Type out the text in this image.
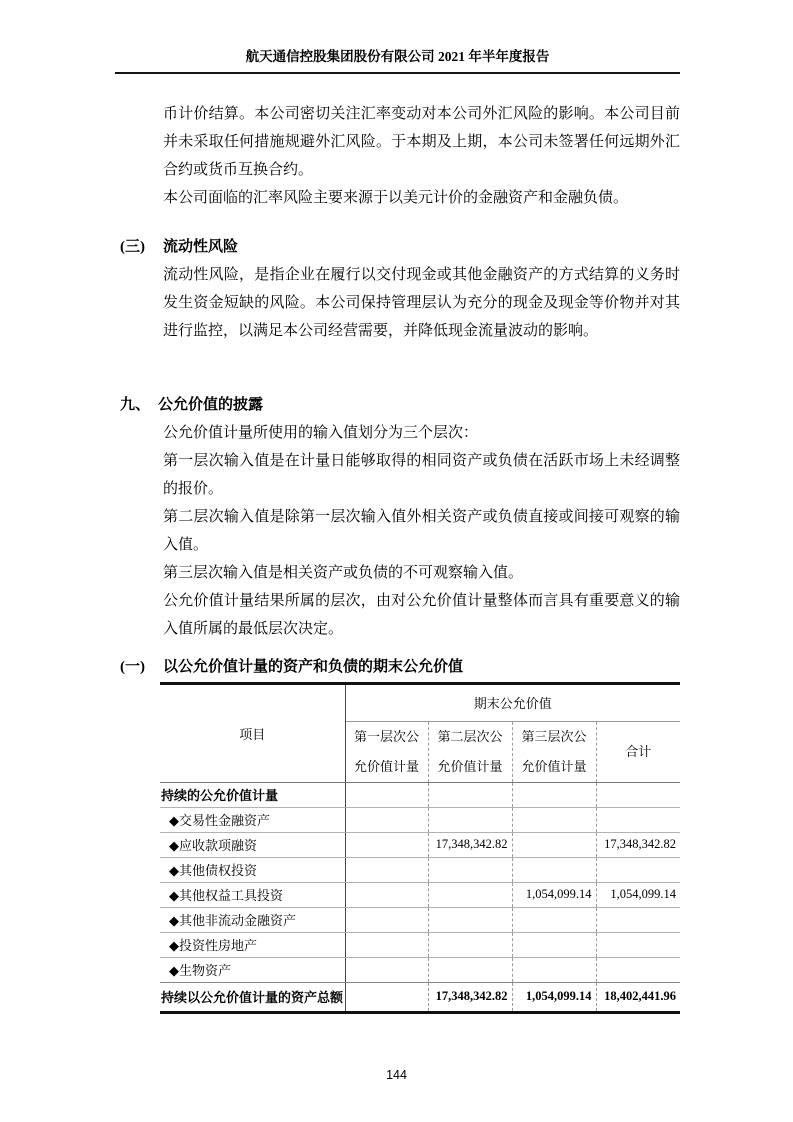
航天通信控股集团股份有限公司 2021 年半年度报告

币计价结算。本公司密切关注汇率变动对本公司外汇风险的影响。本公司目前并未采取任何措施规避外汇风险。于本期及上期，本公司未签署任何远期外汇合约或货币互换合约。

本公司面临的汇率风险主要来源于以美元计价的金融资产和金融负债。

(三)	流动性风险

流动性风险，是指企业在履行以交付现金或其他金融资产的方式结算的义务时发生资金短缺的风险。本公司保持管理层认为充分的现金及现金等价物并对其进行监控，以满足本公司经营需要，并降低现金流量波动的影响。

九、 公允价值的披露

公允价值计量所使用的输入值划分为三个层次：

第一层次输入值是在计量日能够取得的相同资产或负债在活跃市场上未经调整的报价。

第二层次输入值是除第一层次输入值外相关资产或负债直接或间接可观察的输入值。

第三层次输入值是相关资产或负债的不可观察输入值。

公允价值计量结果所属的层次，由对公允价值计量整体而言具有重要意义的输入值所属的最低层次决定。

(一) 以公允价值计量的资产和负债的期末公允价值
项目	期末公允价值			
	第一层次公允价值计量	第二层次公允价值计量	第三层次公允价值计量	合计
持续的公允价值计量				
◆交易性金融资产				
◆应收款项融资		17,348,342.82		17,348,342.82
◆其他债权投资				
◆其他权益工具投资			1,054,099.14	1,054,099.14
◆其他非流动金融资产				
◆投资性房地产				
◆生物资产				
持续以公允价值计量的资产总额		17,348,342.82	1,054,099.14	18,402,441.96
144
